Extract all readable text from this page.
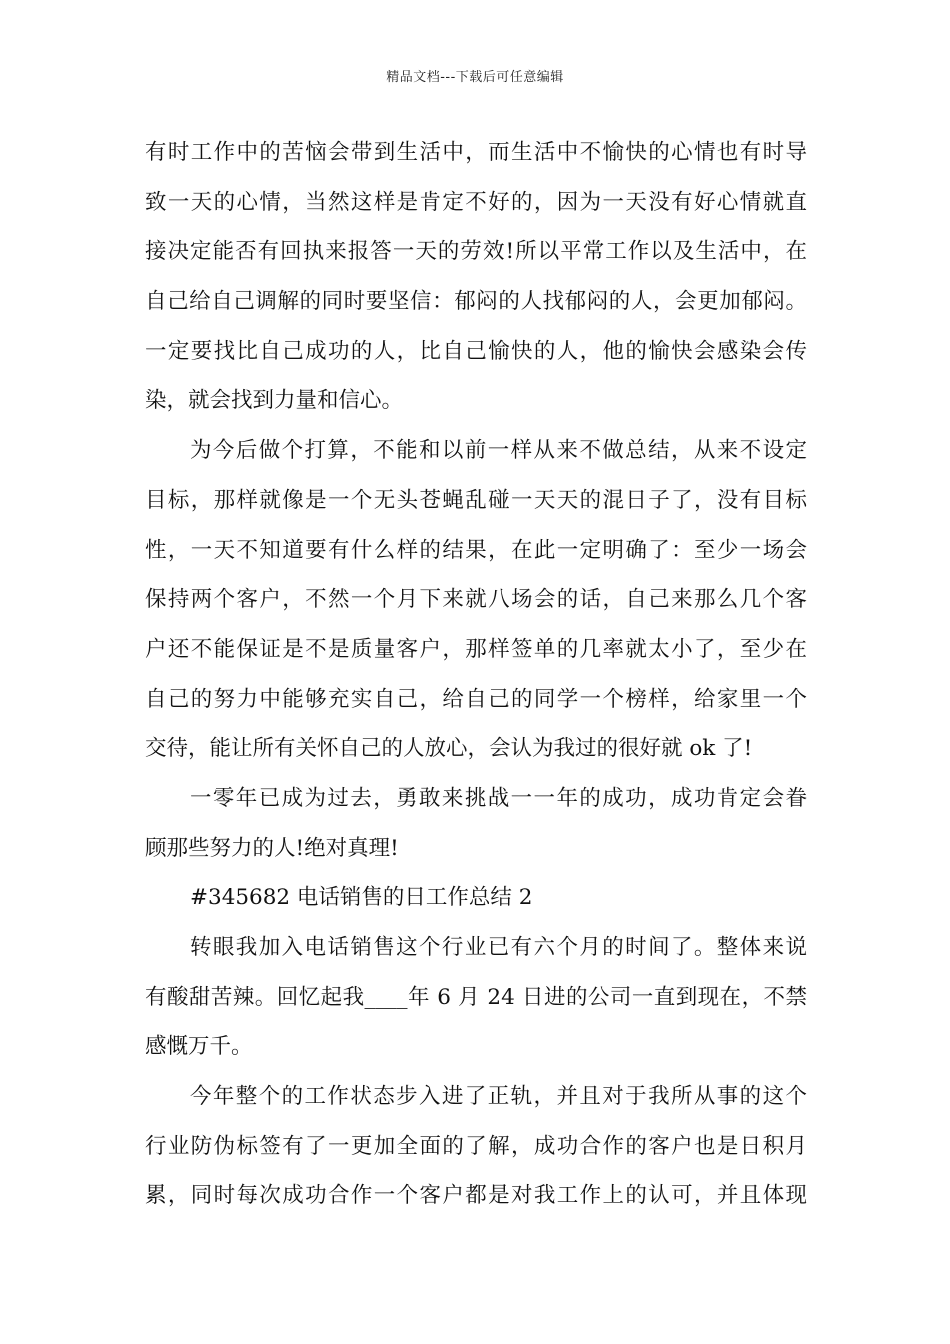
精品文档---下载后可任意编辑
有时工作中的苦恼会带到生活中，而生活中不愉快的心情也有时导
致一天的心情，当然这样是肯定不好的，因为一天没有好心情就直
接决定能否有回执来报答一天的劳效!所以平常工作以及生活中，在
自己给自己调解的同时要坚信：郁闷的人找郁闷的人，会更加郁闷。
一定要找比自己成功的人，比自己愉快的人，他的愉快会感染会传
染，就会找到力量和信心。
为今后做个打算，不能和以前一样从来不做总结，从来不设定
目标，那样就像是一个无头苍蝇乱碰一天天的混日子了，没有目标
性，一天不知道要有什么样的结果，在此一定明确了：至少一场会
保持两个客户，不然一个月下来就八场会的话，自己来那么几个客
户还不能保证是不是质量客户，那样签单的几率就太小了，至少在
自己的努力中能够充实自己，给自己的同学一个榜样，给家里一个
交待，能让所有关怀自己的人放心，会认为我过的很好就 ok 了!
一零年已成为过去，勇敢来挑战一一年的成功，成功肯定会眷
顾那些努力的人!绝对真理!
#345682 电话销售的日工作总结 2
转眼我加入电话销售这个行业已有六个月的时间了。整体来说
有酸甜苦辣。回忆起我____年 6 月 24 日进的公司一直到现在，不禁
感慨万千。
今年整个的工作状态步入进了正轨，并且对于我所从事的这个
行业防伪标签有了一更加全面的了解，成功合作的客户也是日积月
累，同时每次成功合作一个客户都是对我工作上的认可，并且体现
